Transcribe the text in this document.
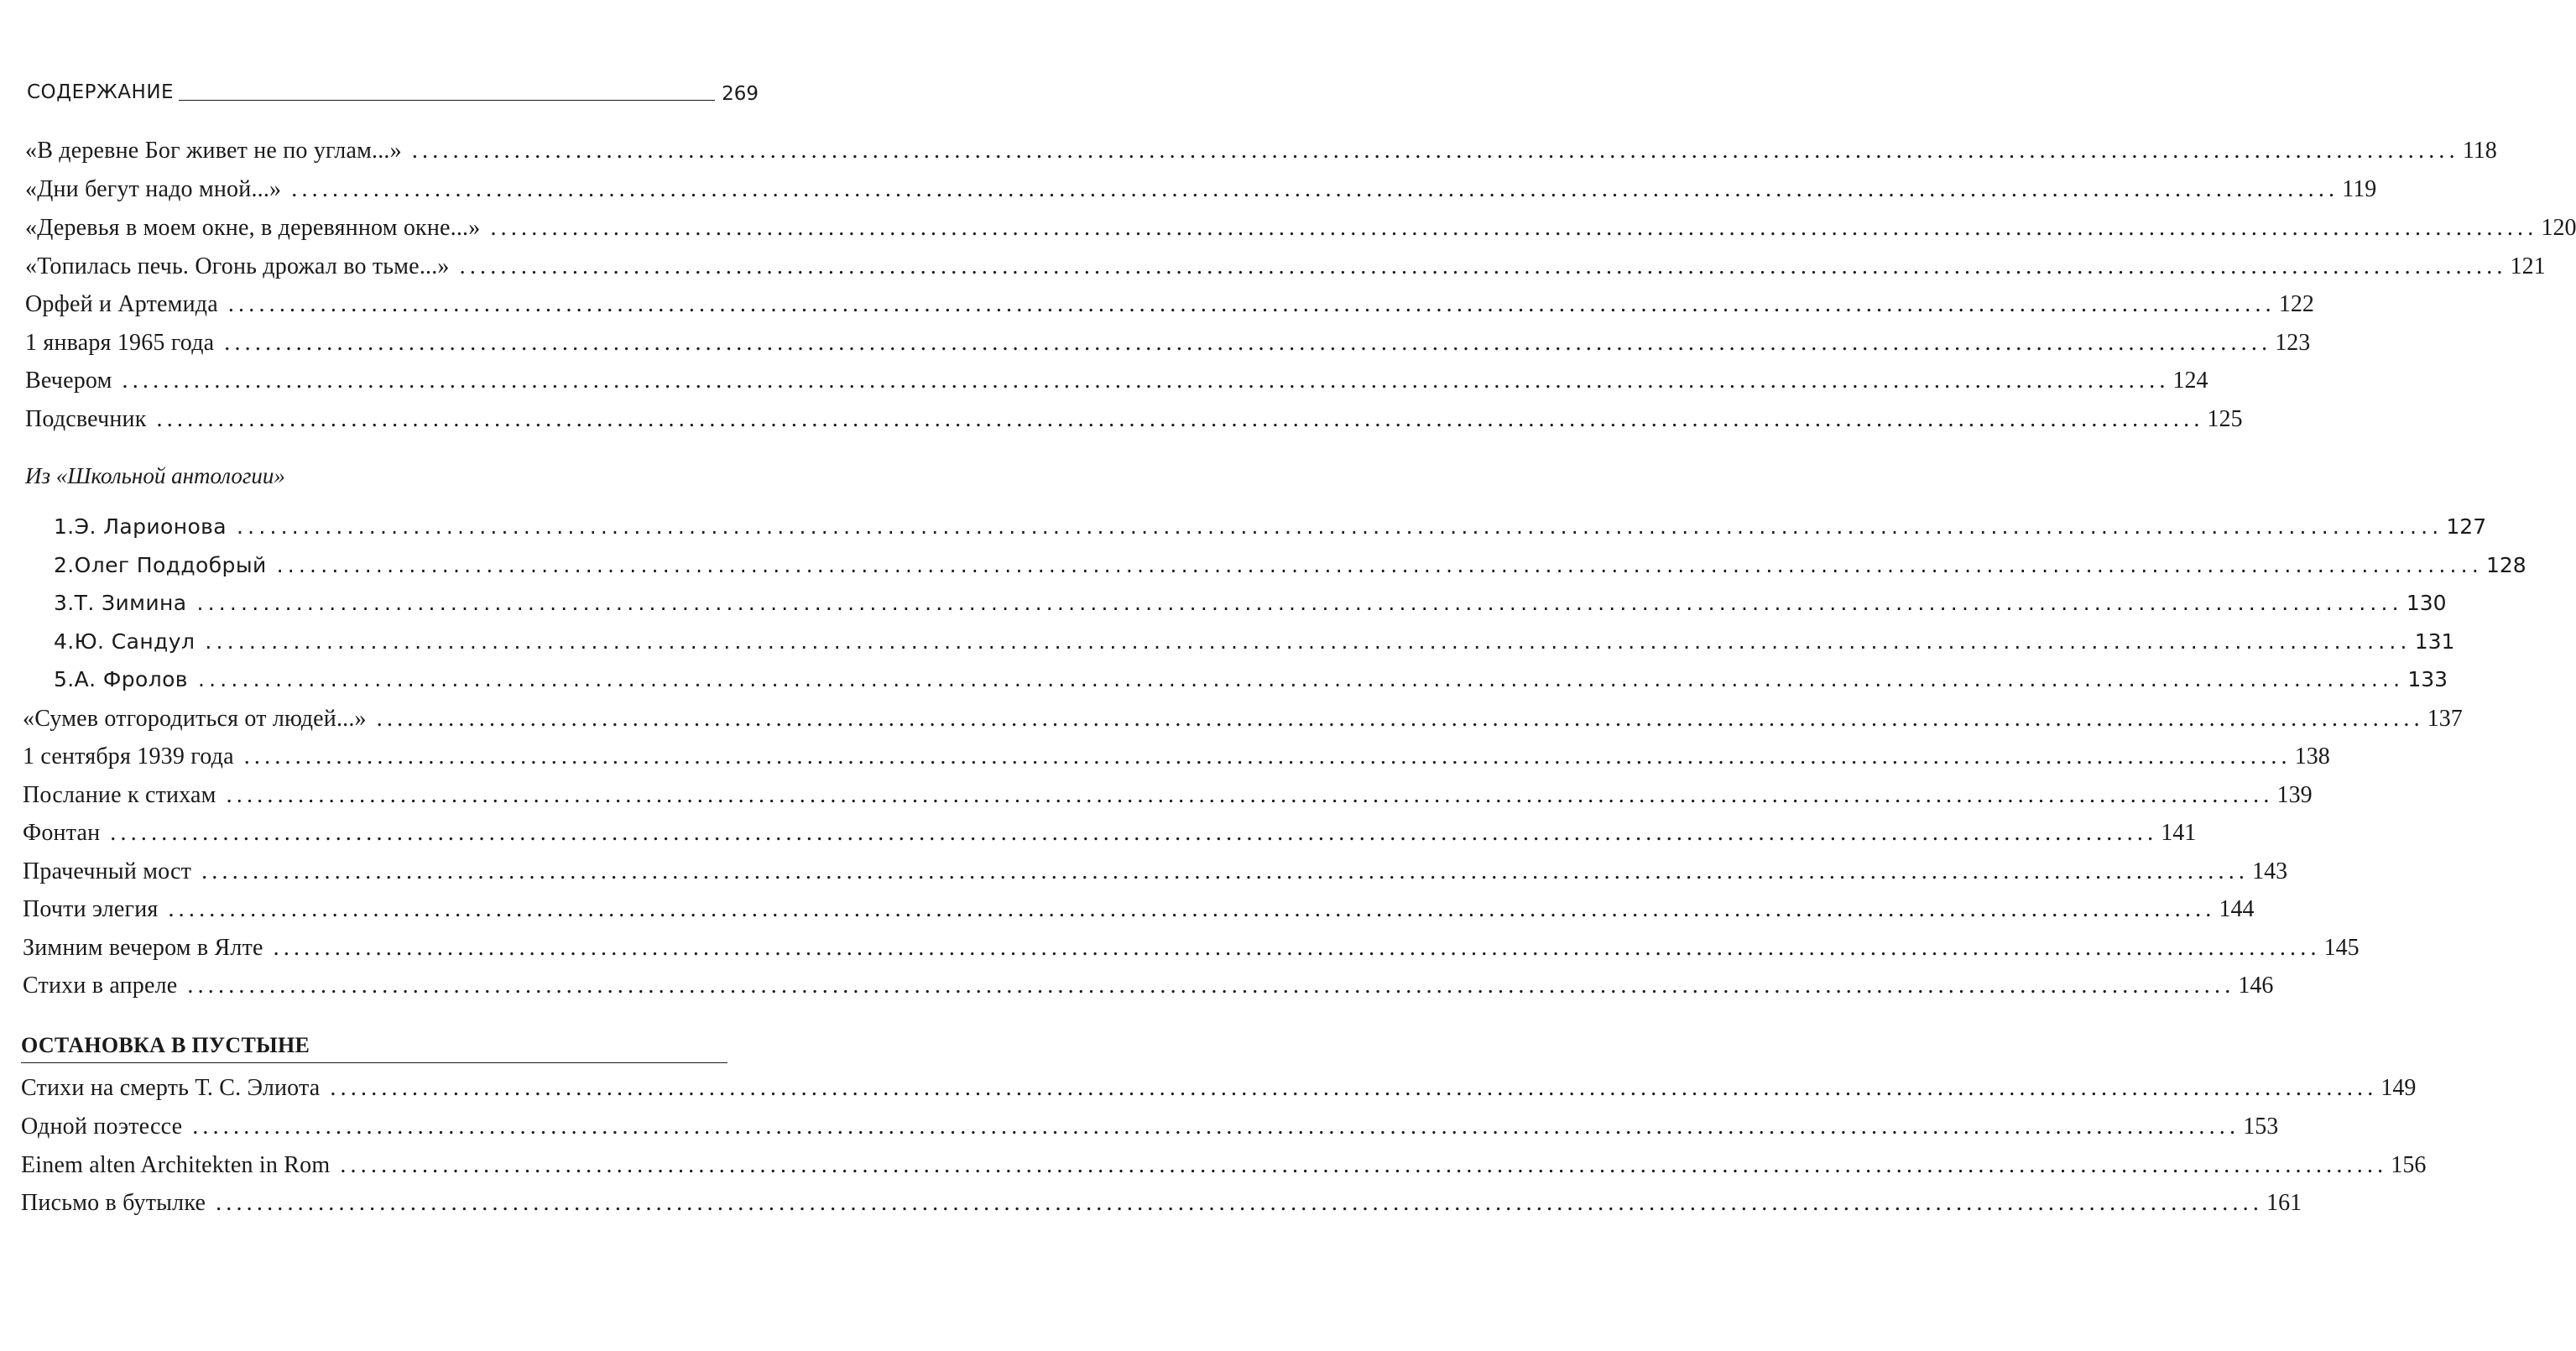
СОДЕРЖАНИЕ	269
«В деревне Бог живет не по углам...» ........................................................................................................................................................................................................ 118
«Дни бегут надо мной...» ........................................................................................................................................................................................................ 119
«Деревья в моем окне, в деревянном окне...» ........................................................................................................................................................................................................ 120
«Топилась печь. Огонь дрожал во тьме...» ........................................................................................................................................................................................................ 121
Орфей и Артемида ........................................................................................................................................................................................................ 122
1 января 1965 года ........................................................................................................................................................................................................ 123
Вечером ........................................................................................................................................................................................................ 124
Подсвечник ........................................................................................................................................................................................................ 125
Из «Школьной антологии»
1. Э. Ларионова ........................................................................................................................................................................................................ 127
2. Олег Поддобрый ........................................................................................................................................................................................................ 128
3. Т. Зимина ........................................................................................................................................................................................................ 130
4. Ю. Сандул ........................................................................................................................................................................................................ 131
5. А. Фролов ........................................................................................................................................................................................................ 133
«Сумев отгородиться от людей...» ........................................................................................................................................................................................................ 137
1 сентября 1939 года ........................................................................................................................................................................................................ 138
Послание к стихам ........................................................................................................................................................................................................ 139
Фонтан ........................................................................................................................................................................................................ 141
Прачечный мост ........................................................................................................................................................................................................ 143
Почти элегия ........................................................................................................................................................................................................ 144
Зимним вечером в Ялте ........................................................................................................................................................................................................ 145
Стихи в апреле ........................................................................................................................................................................................................ 146
ОСТАНОВКА В ПУСТЫНЕ
Стихи на смерть Т. С. Элиота ........................................................................................................................................................................................................ 149
Одной поэтессе ........................................................................................................................................................................................................ 153
Einem alten Architekten in Rom ........................................................................................................................................................................................................ 156
Письмо в бутылке ........................................................................................................................................................................................................ 161
